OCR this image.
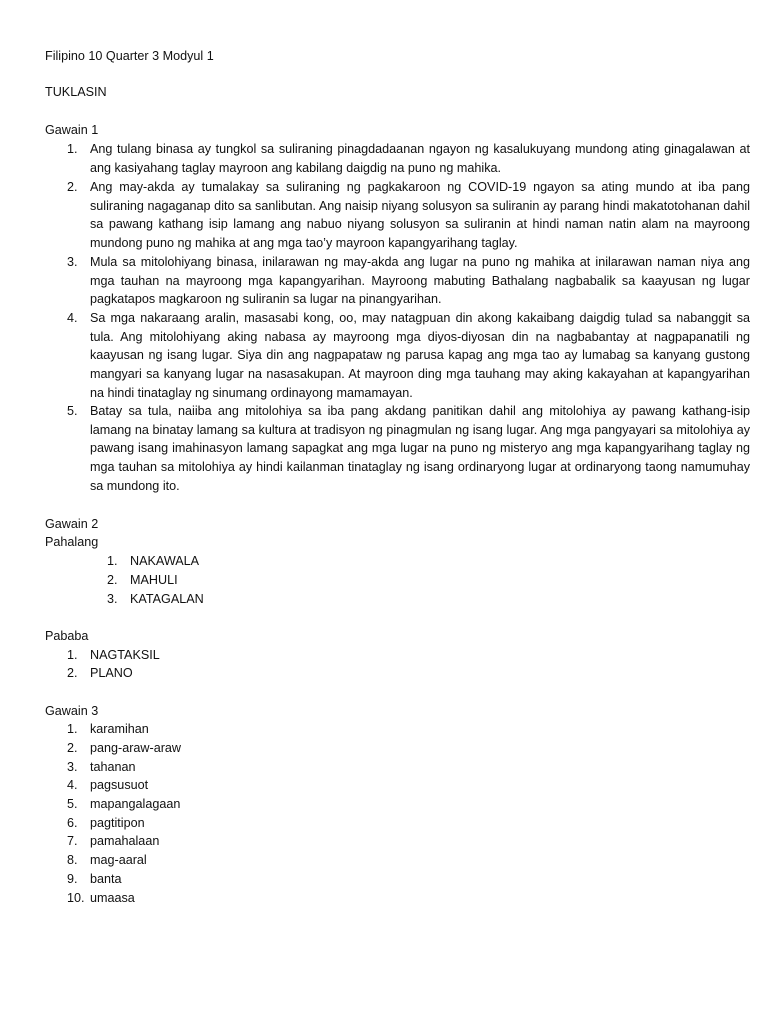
Filipino 10 Quarter 3 Modyul 1
TUKLASIN
Gawain 1
1. Ang tulang binasa ay tungkol sa suliraning pinagdadaanan ngayon ng kasalukuyang mundong ating ginagalawan at ang kasiyahang taglay mayroon ang kabilang daigdig na puno ng mahika.
2. Ang may-akda ay tumalakay sa suliraning ng pagkakaroon ng COVID-19 ngayon sa ating mundo at iba pang suliraning nagaganap dito sa sanlibutan. Ang naisip niyang solusyon sa suliranin ay parang hindi makatotohanan dahil sa pawang kathang isip lamang ang nabuo niyang solusyon sa suliranin at hindi naman natin alam na mayroong mundong puno ng mahika at ang mga tao’y mayroon kapangyarihang taglay.
3. Mula sa mitolohiyang binasa, inilarawan ng may-akda ang lugar na puno ng mahika at inilarawan naman niya ang mga tauhan na mayroong mga kapangyarihan. Mayroong mabuting Bathalang nagbabalik sa kaayusan ng lugar pagkatapos magkaroon ng suliranin sa lugar na pinangyarihan.
4. Sa mga nakaraang aralin, masasabi kong, oo, may natagpuan din akong kakaibang daigdig tulad sa nabanggit sa tula. Ang mitolohiyang aking nabasa ay mayroong mga diyos-diyosan din na nagbabantay at nagpapanatili ng kaayusan ng isang lugar. Siya din ang nagpapataw ng parusa kapag ang mga tao ay lumabag sa kanyang gustong mangyari sa kanyang lugar na nasasakupan. At mayroon ding mga tauhang may aking kakayahan at kapangyarihan na hindi tinataglay ng sinumang ordinayong mamamayan.
5. Batay sa tula, naiiba ang mitolohiya sa iba pang akdang panitikan dahil ang mitolohiya ay pawang kathang-isip lamang na binatay lamang sa kultura at tradisyon ng pinagmulan ng isang lugar. Ang mga pangyayari sa mitolohiya ay pawang isang imahinasyon lamang sapagkat ang mga lugar na puno ng misteryo ang mga kapangyarihang taglay ng mga tauhan sa mitolohiya ay hindi kailanman tinataglay ng isang ordinaryong lugar at ordinaryong taong namumuhay sa mundong ito.
Gawain 2
Pahalang
1. NAKAWALA
2. MAHULI
3. KATAGALAN
Pababa
1. NAGTAKSIL
2. PLANO
Gawain 3
1. karamihan
2. pang-araw-araw
3. tahanan
4. pagsusuot
5. mapangalagaan
6. pagtitipon
7. pamahalaan
8. mag-aaral
9. banta
10. umaasa
